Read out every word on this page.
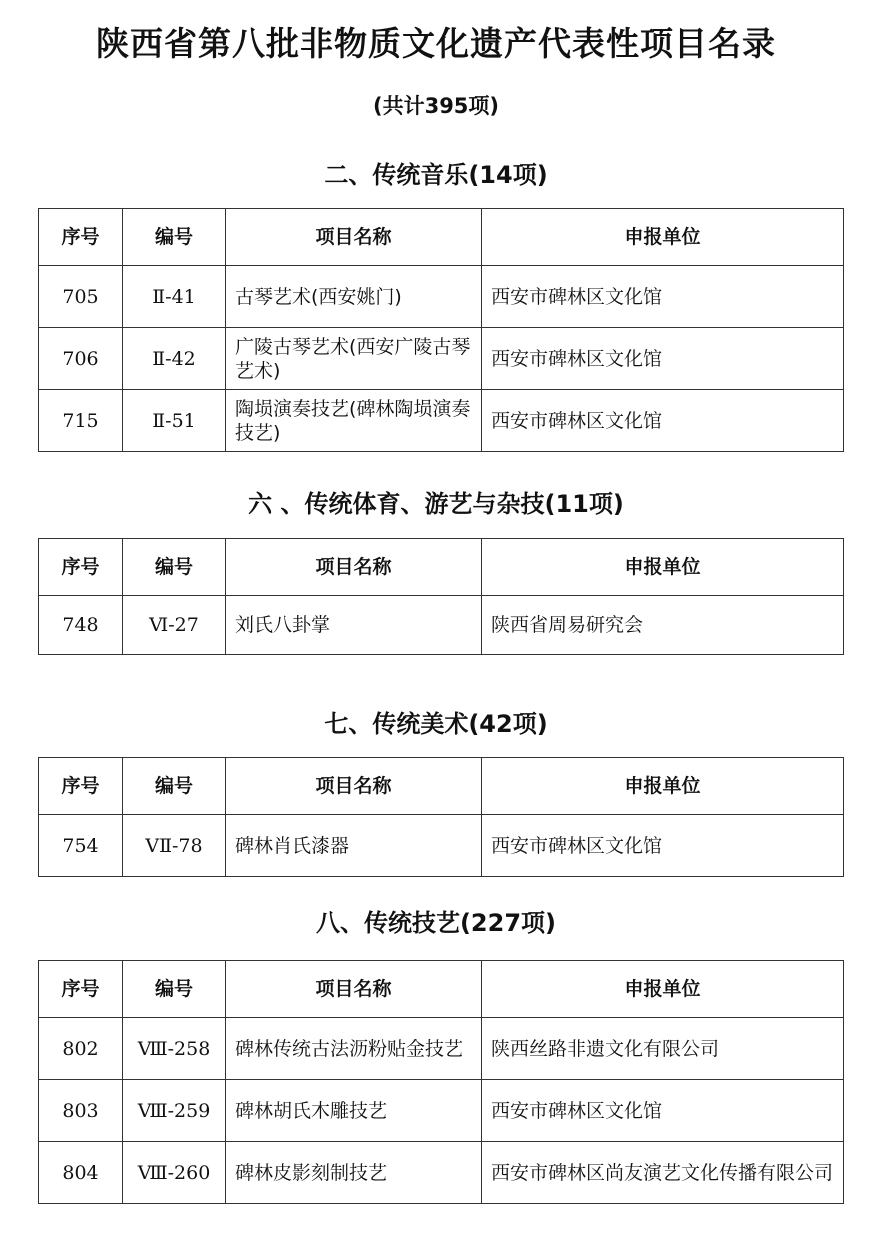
陕西省第八批非物质文化遗产代表性项目名录
(共计395项)
二、传统音乐(14项)
序号	编号	项目名称	申报单位
705	Ⅱ-41	古琴艺术(西安姚门)	西安市碑林区文化馆
706	Ⅱ-42	广陵古琴艺术(西安广陵古琴艺术)	西安市碑林区文化馆
715	Ⅱ-51	陶埙演奏技艺(碑林陶埙演奏技艺)	西安市碑林区文化馆
六 、传统体育、游艺与杂技(11项)
序号	编号	项目名称	申报单位
748	Ⅵ-27	刘氏八卦掌	陕西省周易研究会
七、传统美术(42项)
序号	编号	项目名称	申报单位
754	ⅤⅡ-78	碑林肖氏漆器	西安市碑林区文化馆
八、传统技艺(227项)
序号	编号	项目名称	申报单位
802	Ⅷ-258	碑林传统古法沥粉贴金技艺	陕西丝路非遗文化有限公司
803	Ⅷ-259	碑林胡氏木雕技艺	西安市碑林区文化馆
804	Ⅷ-260	碑林皮影刻制技艺	西安市碑林区尚友演艺文化传播有限公司
